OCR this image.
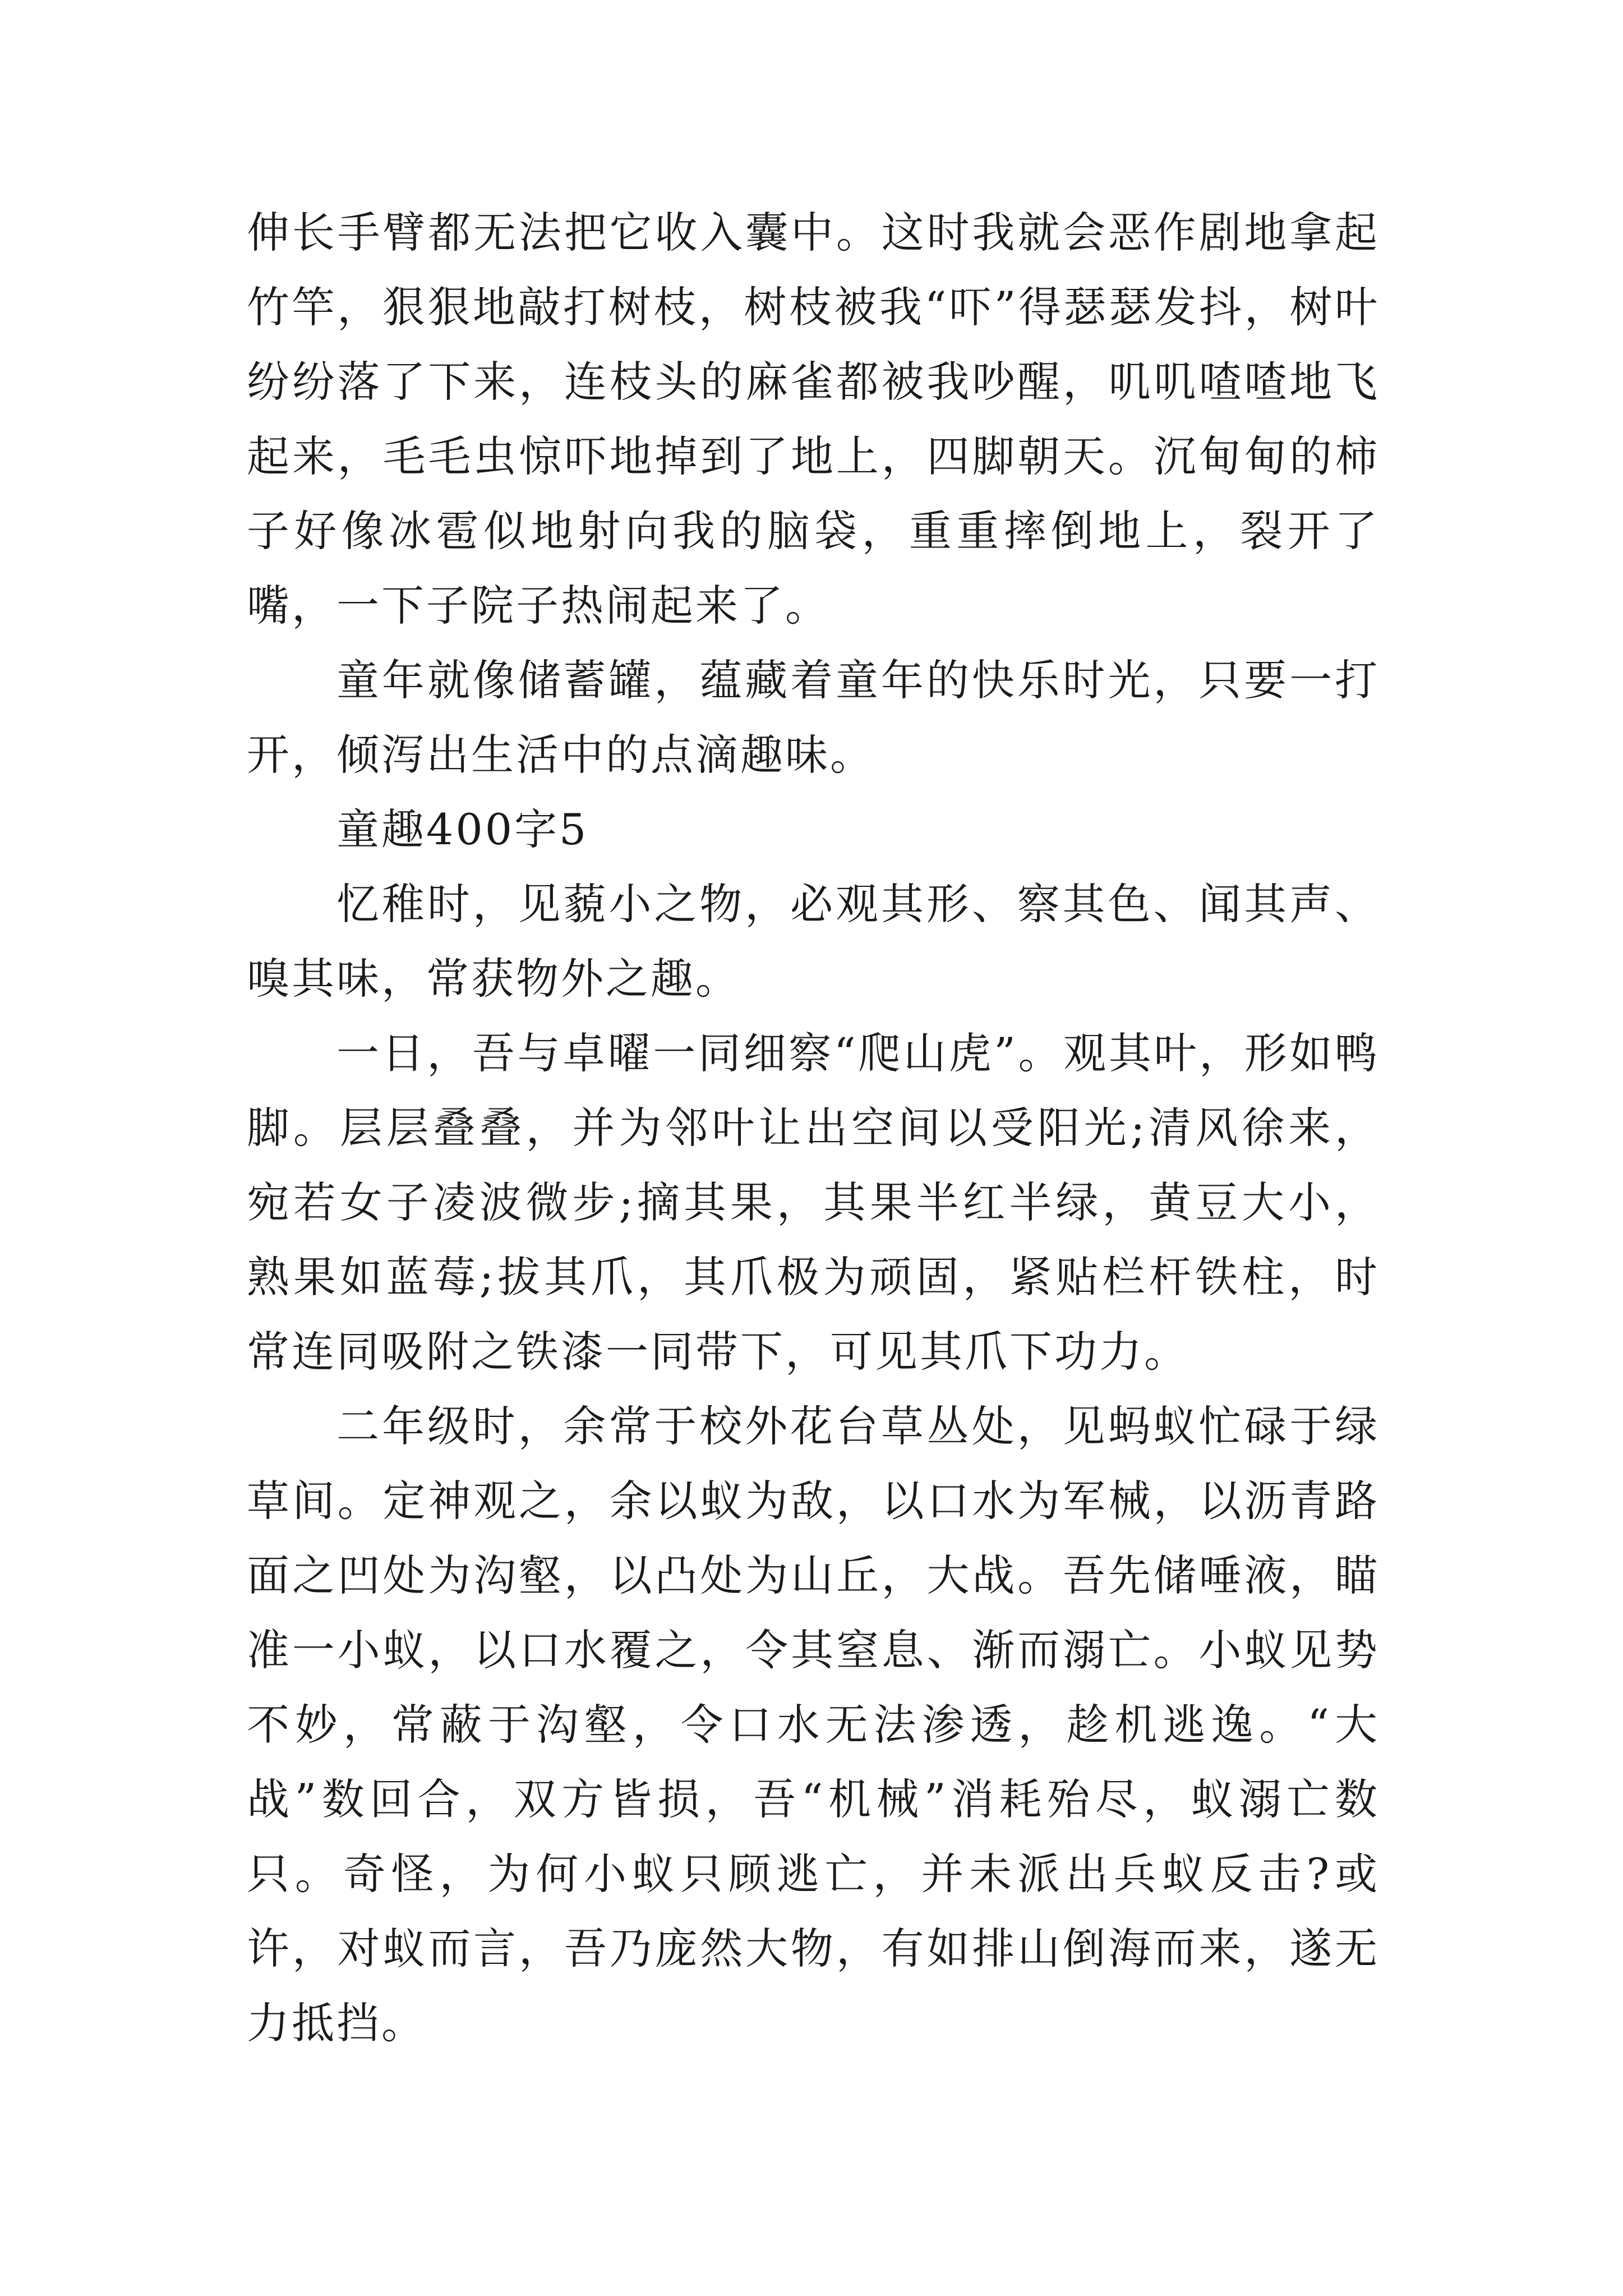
伸长手臂都无法把它收入囊中。这时我就会恶作剧地拿起竹竿，狠狠地敲打树枝，树枝被我“吓”得瑟瑟发抖，树叶纷纷落了下来，连枝头的麻雀都被我吵醒，叽叽喳喳地飞起来，毛毛虫惊吓地掉到了地上，四脚朝天。沉甸甸的柿子好像冰雹似地射向我的脑袋，重重摔倒地上，裂开了嘴，一下子院子热闹起来了。

童年就像储蓄罐，蕴藏着童年的快乐时光，只要一打开，倾泻出生活中的点滴趣味。

童趣400字5

忆稚时，见藐小之物，必观其形、察其色、闻其声、嗅其味，常获物外之趣。

一日，吾与卓曜一同细察“爬山虎”。观其叶，形如鸭脚。层层叠叠，并为邻叶让出空间以受阳光;清风徐来，宛若女子凌波微步;摘其果，其果半红半绿，黄豆大小，熟果如蓝莓;拔其爪，其爪极为顽固，紧贴栏杆铁柱，时常连同吸附之铁漆一同带下，可见其爪下功力。

二年级时，余常于校外花台草丛处，见蚂蚁忙碌于绿草间。定神观之，余以蚁为敌，以口水为军械，以沥青路面之凹处为沟壑，以凸处为山丘，大战。吾先储唾液，瞄准一小蚁，以口水覆之，令其窒息、渐而溺亡。小蚁见势不妙，常蔽于沟壑，令口水无法渗透，趁机逃逸。“大战”数回合，双方皆损，吾“机械”消耗殆尽，蚁溺亡数只。奇怪，为何小蚁只顾逃亡，并未派出兵蚁反击?或许，对蚁而言，吾乃庞然大物，有如排山倒海而来，遂无力抵挡。
